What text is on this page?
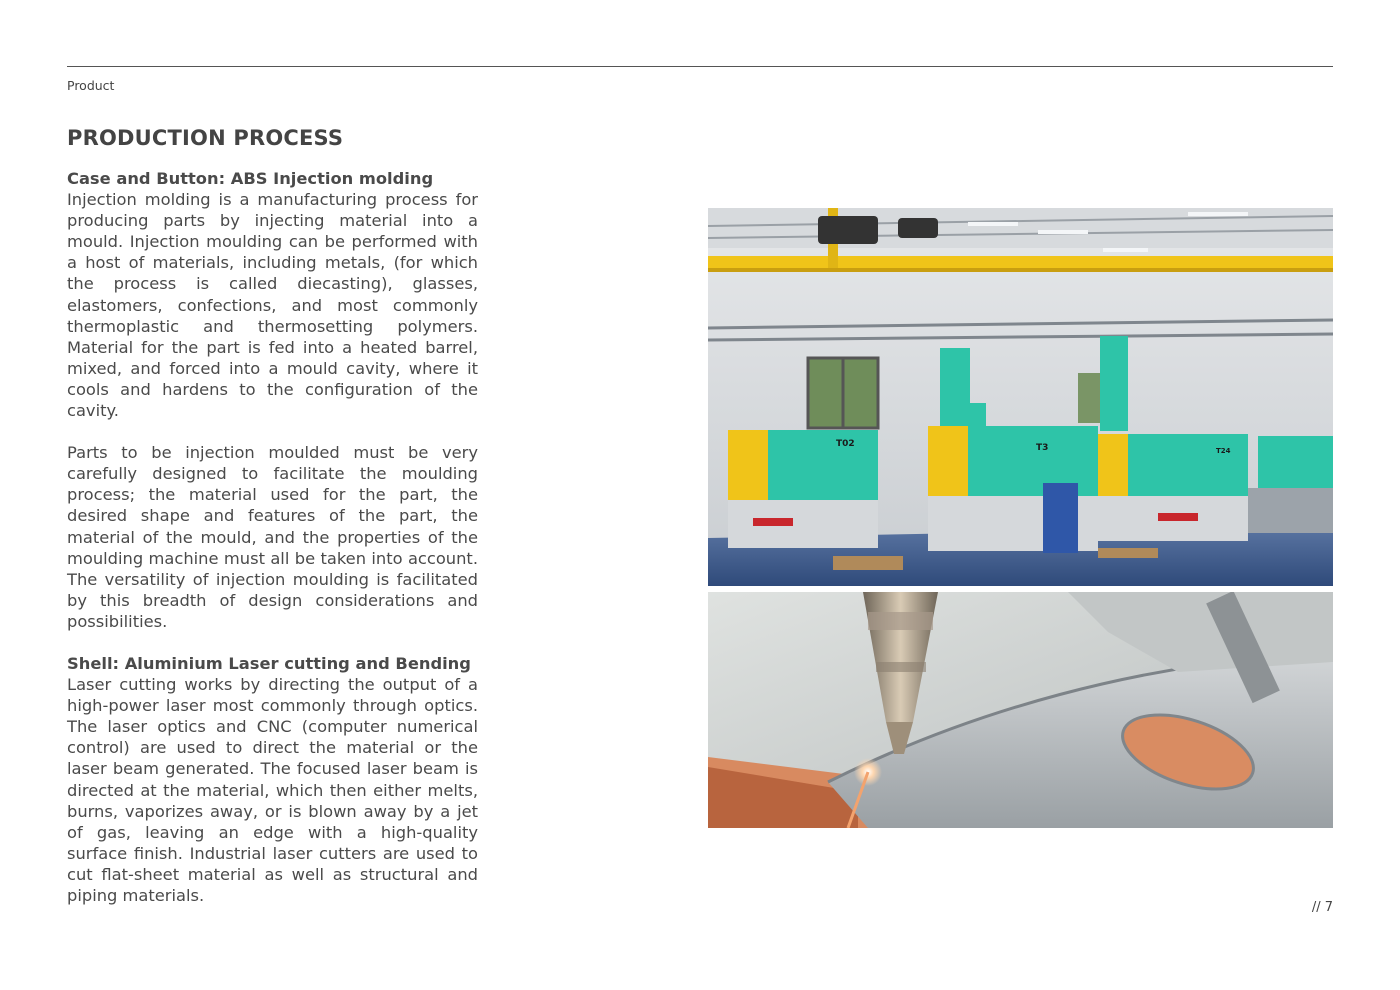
Product
PRODUCTION PROCESS
Case and Button: ABS Injection molding

Injection molding is a manufacturing process for producing parts by injecting material into a mould. Injection moulding can be performed with a host of materials, including metals, (for which the process is called diecasting), glasses, elastomers, confections, and most commonly thermoplastic and thermosetting polymers. Material for the part is fed into a heated barrel, mixed, and forced into a mould cavity, where it cools and hardens to the configuration of the cavity.

Parts to be injection moulded must be very carefully designed to facilitate the moulding process; the material used for the part, the desired shape and features of the part, the material of the mould, and the properties of the moulding machine must all be taken into account. The versatility of injection moulding is facilitated by this breadth of design considerations and possibilities.

Shell: Aluminium Laser cutting and Bending

Laser cutting works by directing the output of a high-power laser most commonly through optics. The laser optics and CNC (computer numerical control) are used to direct the material or the laser beam generated. The focused laser beam is directed at the material, which then either melts, burns, vaporizes away, or is blown away by a jet of gas, leaving an edge with a high-quality surface finish. Industrial laser cutters are used to cut flat-sheet material as well as structural and piping materials.

T02	T3	T24
// 7
